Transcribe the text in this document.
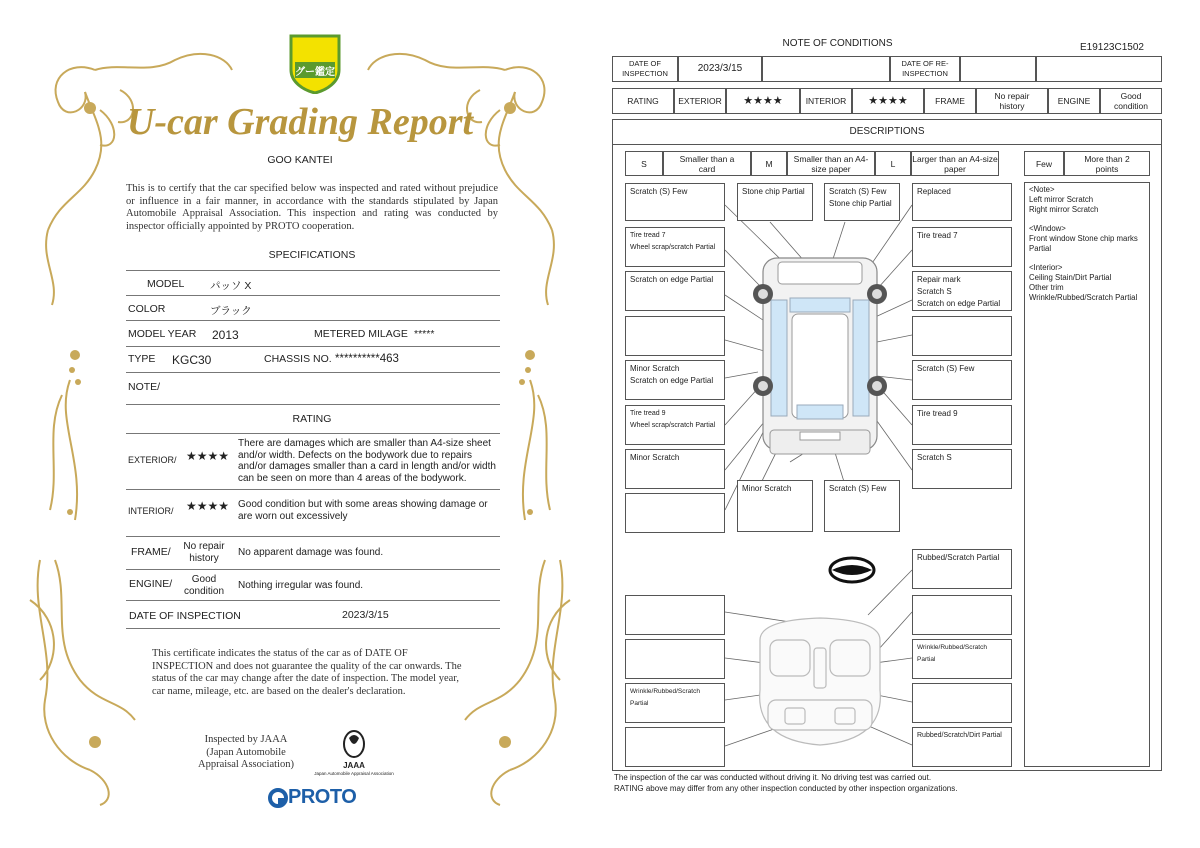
グー鑑定
U-car Grading Report
GOO KANTEI
This is to certify that the car specified below was inspected and rated without prejudice or influence in a fair manner, in accordance with the standards stipulated by Japan Automobile Appraisal Association. This inspection and rating was conducted by inspector officially appointed by PROTO cooperation.
SPECIFICATIONS
MODEL パッソ X
COLOR	ブラック
MODEL YEAR 2013	METERED MILAGE *****
TYPE KGC30	CHASSIS NO. **********463
NOTE/
RATING
EXTERIOR/ ★★★★
There are damages which are smaller than A4-size sheet and/or width. Defects on the bodywork due to repairs and/or damages smaller than a card in length and/or width can be seen on more than 4 areas of the bodywork.
INTERIOR/ ★★★★ Good condition but with some areas showing damage or are worn out excessively
FRAME/	No repair history
No apparent damage was found.
ENGINE/	Good condition
Nothing irregular was found.
DATE OF INSPECTION	2023/3/15
This certificate indicates the status of the car as of DATE OF INSPECTION and does not guarantee the quality of the car onwards. The status of the car may change after the date of inspection. The model year, car name, mileage, etc. are based on the dealer's declaration.
Inspected by JAAA (Japan Automobile Appraisal Association)	JAAA
Japan Automobile Appraisal Association
PROTO
NOTE OF CONDITIONS	E19123C1502
DATE OF INSPECTION	2023/3/15	DATE OF RE-INSPECTION
RATING	EXTERIOR	★★★★	INTERIOR	★★★★	FRAME	No repair history	ENGINE	Good condition
DESCRIPTIONS
S	Smaller than a card	M	Smaller than an A4-size paper	L	Larger than an A4-size paper	Few	More than 2 points
Scratch (S) Few	Stone chip Partial	Scratch (S) Few
Stone chip Partial
Replaced
Tire tread 7
Wheel scrap/scratch Partial
Tire tread 7
Scratch on edge Partial	Repair mark
Scratch S
Scratch on edge Partial
Minor Scratch
Scratch on edge Partial
Scratch (S) Few
Tire tread 9
Wheel scrap/scratch Partial
Tire tread 9
Minor Scratch	Scratch S
Minor Scratch	Scratch (S) Few
Rubbed/Scratch Partial
Wrinkle/Rubbed/Scratch Partial
Wrinkle/Rubbed/Scratch Partial
Rubbed/Scratch/Dirt Partial
<Note>
Left mirror Scratch
Right mirror Scratch
<Window>
Front window Stone chip marks Partial
<Interior>
Ceiling Stain/Dirt Partial
Other trim
Wrinkle/Rubbed/Scratch Partial
The inspection of the car was conducted without driving it. No driving test was carried out.
RATING above may differ from any other inspection conducted by other inspection organizations.
